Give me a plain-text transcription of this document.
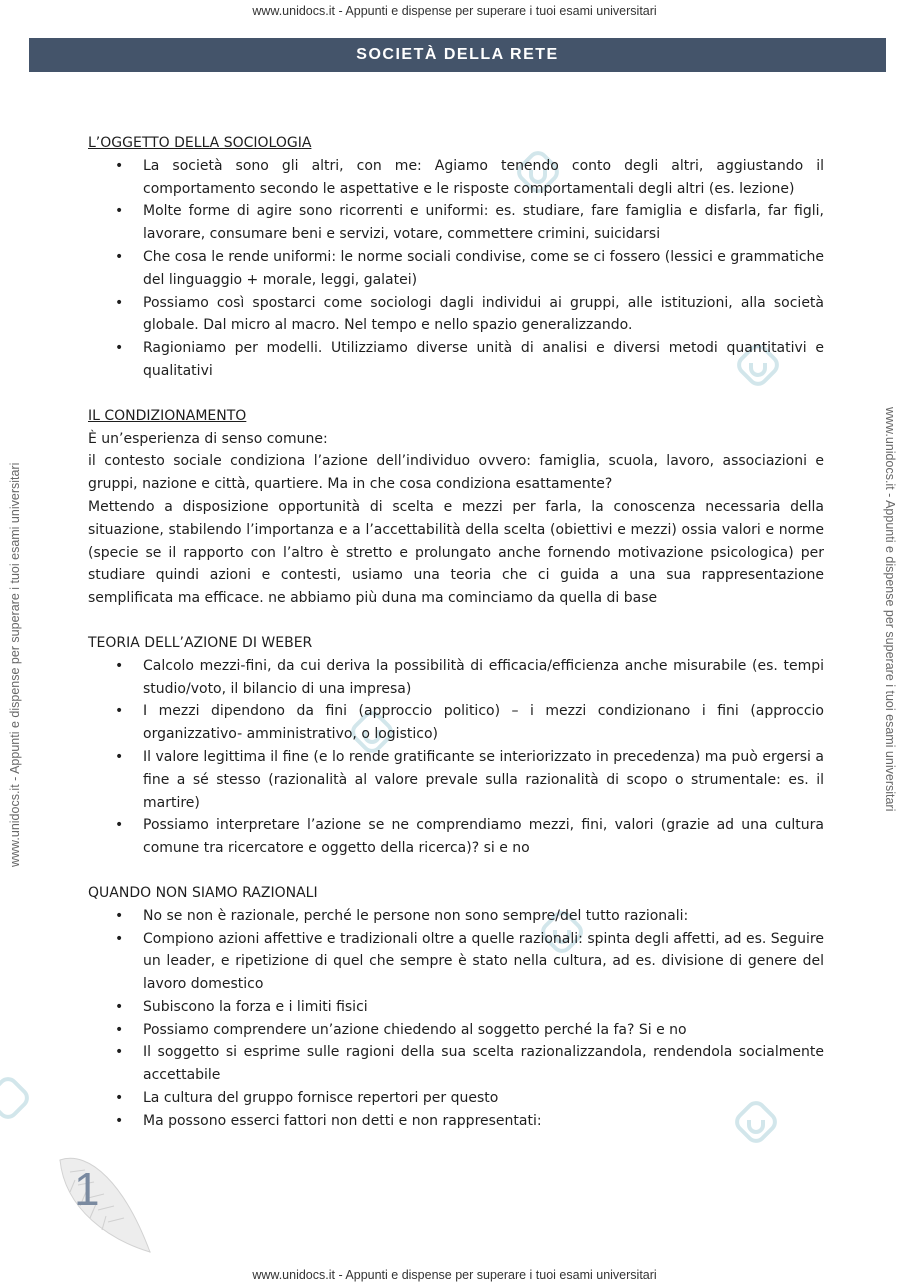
www.unidocs.it - Appunti e dispense per superare i tuoi esami universitari
www.unidocs.it - Appunti e dispense per superare i tuoi esami universitari
www.unidocs.it - Appunti e dispense per superare i tuoi esami universitari	www.unidocs.it - Appunti e dispense per superare i tuoi esami universitari
SOCIETÀ DELLA RETE
L’OGGETTO DELLA SOCIOLOGIA
• La società sono gli altri, con me: Agiamo tenendo conto degli altri, aggiustando il comportamento secondo le aspettative e le risposte comportamentali degli altri (es. lezione)
• Molte forme di agire sono ricorrenti e uniformi: es. studiare, fare famiglia e disfarla, far figli, lavorare, consumare beni e servizi, votare, commettere crimini, suicidarsi
• Che cosa le rende uniformi: le norme sociali condivise, come se ci fossero (lessici e grammatiche del linguaggio + morale, leggi, galatei)
• Possiamo così spostarci come sociologi dagli individui ai gruppi, alle istituzioni, alla società globale. Dal micro al macro. Nel tempo e nello spazio generalizzando.
• Ragioniamo per modelli. Utilizziamo diverse unità di analisi e diversi metodi quantitativi e qualitativi
IL CONDIZIONAMENTO

È un’esperienza di senso comune:

il contesto sociale condiziona l’azione dell’individuo ovvero: famiglia, scuola, lavoro, associazioni e gruppi, nazione e città, quartiere. Ma in che cosa condiziona esattamente?

Mettendo a disposizione opportunità di scelta e mezzi per farla, la conoscenza necessaria della situazione, stabilendo l’importanza e a l’accettabilità della scelta (obiettivi e mezzi) ossia valori e norme (specie se il rapporto con l’altro è stretto e prolungato anche fornendo motivazione psicologica) per studiare quindi azioni e contesti, usiamo una teoria che ci guida a una sua rappresentazione semplificata ma efficace. ne abbiamo più duna ma cominciamo da quella di base

TEORIA DELL’AZIONE DI WEBER
• Calcolo mezzi-fini, da cui deriva la possibilità di efficacia/efficienza anche misurabile (es. tempi studio/voto, il bilancio di una impresa)
• I mezzi dipendono da fini (approccio politico) – i mezzi condizionano i fini (approccio organizzativo- amministrativo, o logistico)
• Il valore legittima il fine (e lo rende gratificante se interiorizzato in precedenza) ma può ergersi a fine a sé stesso (razionalità al valore prevale sulla razionalità di scopo o strumentale: es. il martire)
• Possiamo interpretare l’azione se ne comprendiamo mezzi, fini, valori (grazie ad una cultura comune tra ricercatore e oggetto della ricerca)? si e no
QUANDO NON SIAMO RAZIONALI
• No se non è razionale, perché le persone non sono sempre/del tutto razionali:
• Compiono azioni affettive e tradizionali oltre a quelle razionali: spinta degli affetti, ad es. Seguire un leader, e ripetizione di quel che sempre è stato nella cultura, ad es. divisione di genere del lavoro domestico
• Subiscono la forza e i limiti fisici
• Possiamo comprendere un’azione chiedendo al soggetto perché la fa? Si e no
• Il soggetto si esprime sulle ragioni della sua scelta razionalizzandola, rendendola socialmente accettabile
• La cultura del gruppo fornisce repertori per questo
• Ma possono esserci fattori non detti e non rappresentati:
1
